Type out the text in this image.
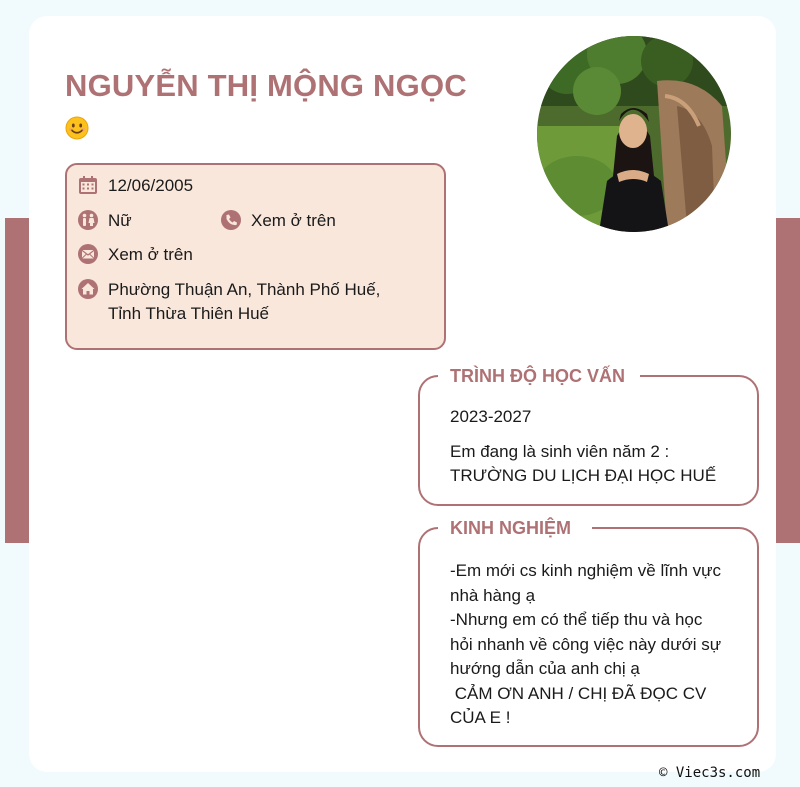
NGUYỄN THỊ MỘNG NGỌC
12/06/2005
Nữ	Xem ở trên
Xem ở trên
Phường Thuận An, Thành Phố Huế,
Tỉnh Thừa Thiên Huế
TRÌNH ĐỘ HỌC VẤN

2023-2027

Em đang là sinh viên năm 2 :

TRƯỜNG DU LỊCH ĐẠI HỌC HUẾ

KINH NGHIỆM

-Em mới cs kinh nghiệm về lĩnh vực

nhà hàng ạ

-Nhưng em có thể tiếp thu và học

hỏi nhanh về công việc này dưới sự

hướng dẫn của anh chị ạ

CẢM ƠN ANH / CHỊ ĐÃ ĐỌC CV

CỦA E !

© Viec3s.com
